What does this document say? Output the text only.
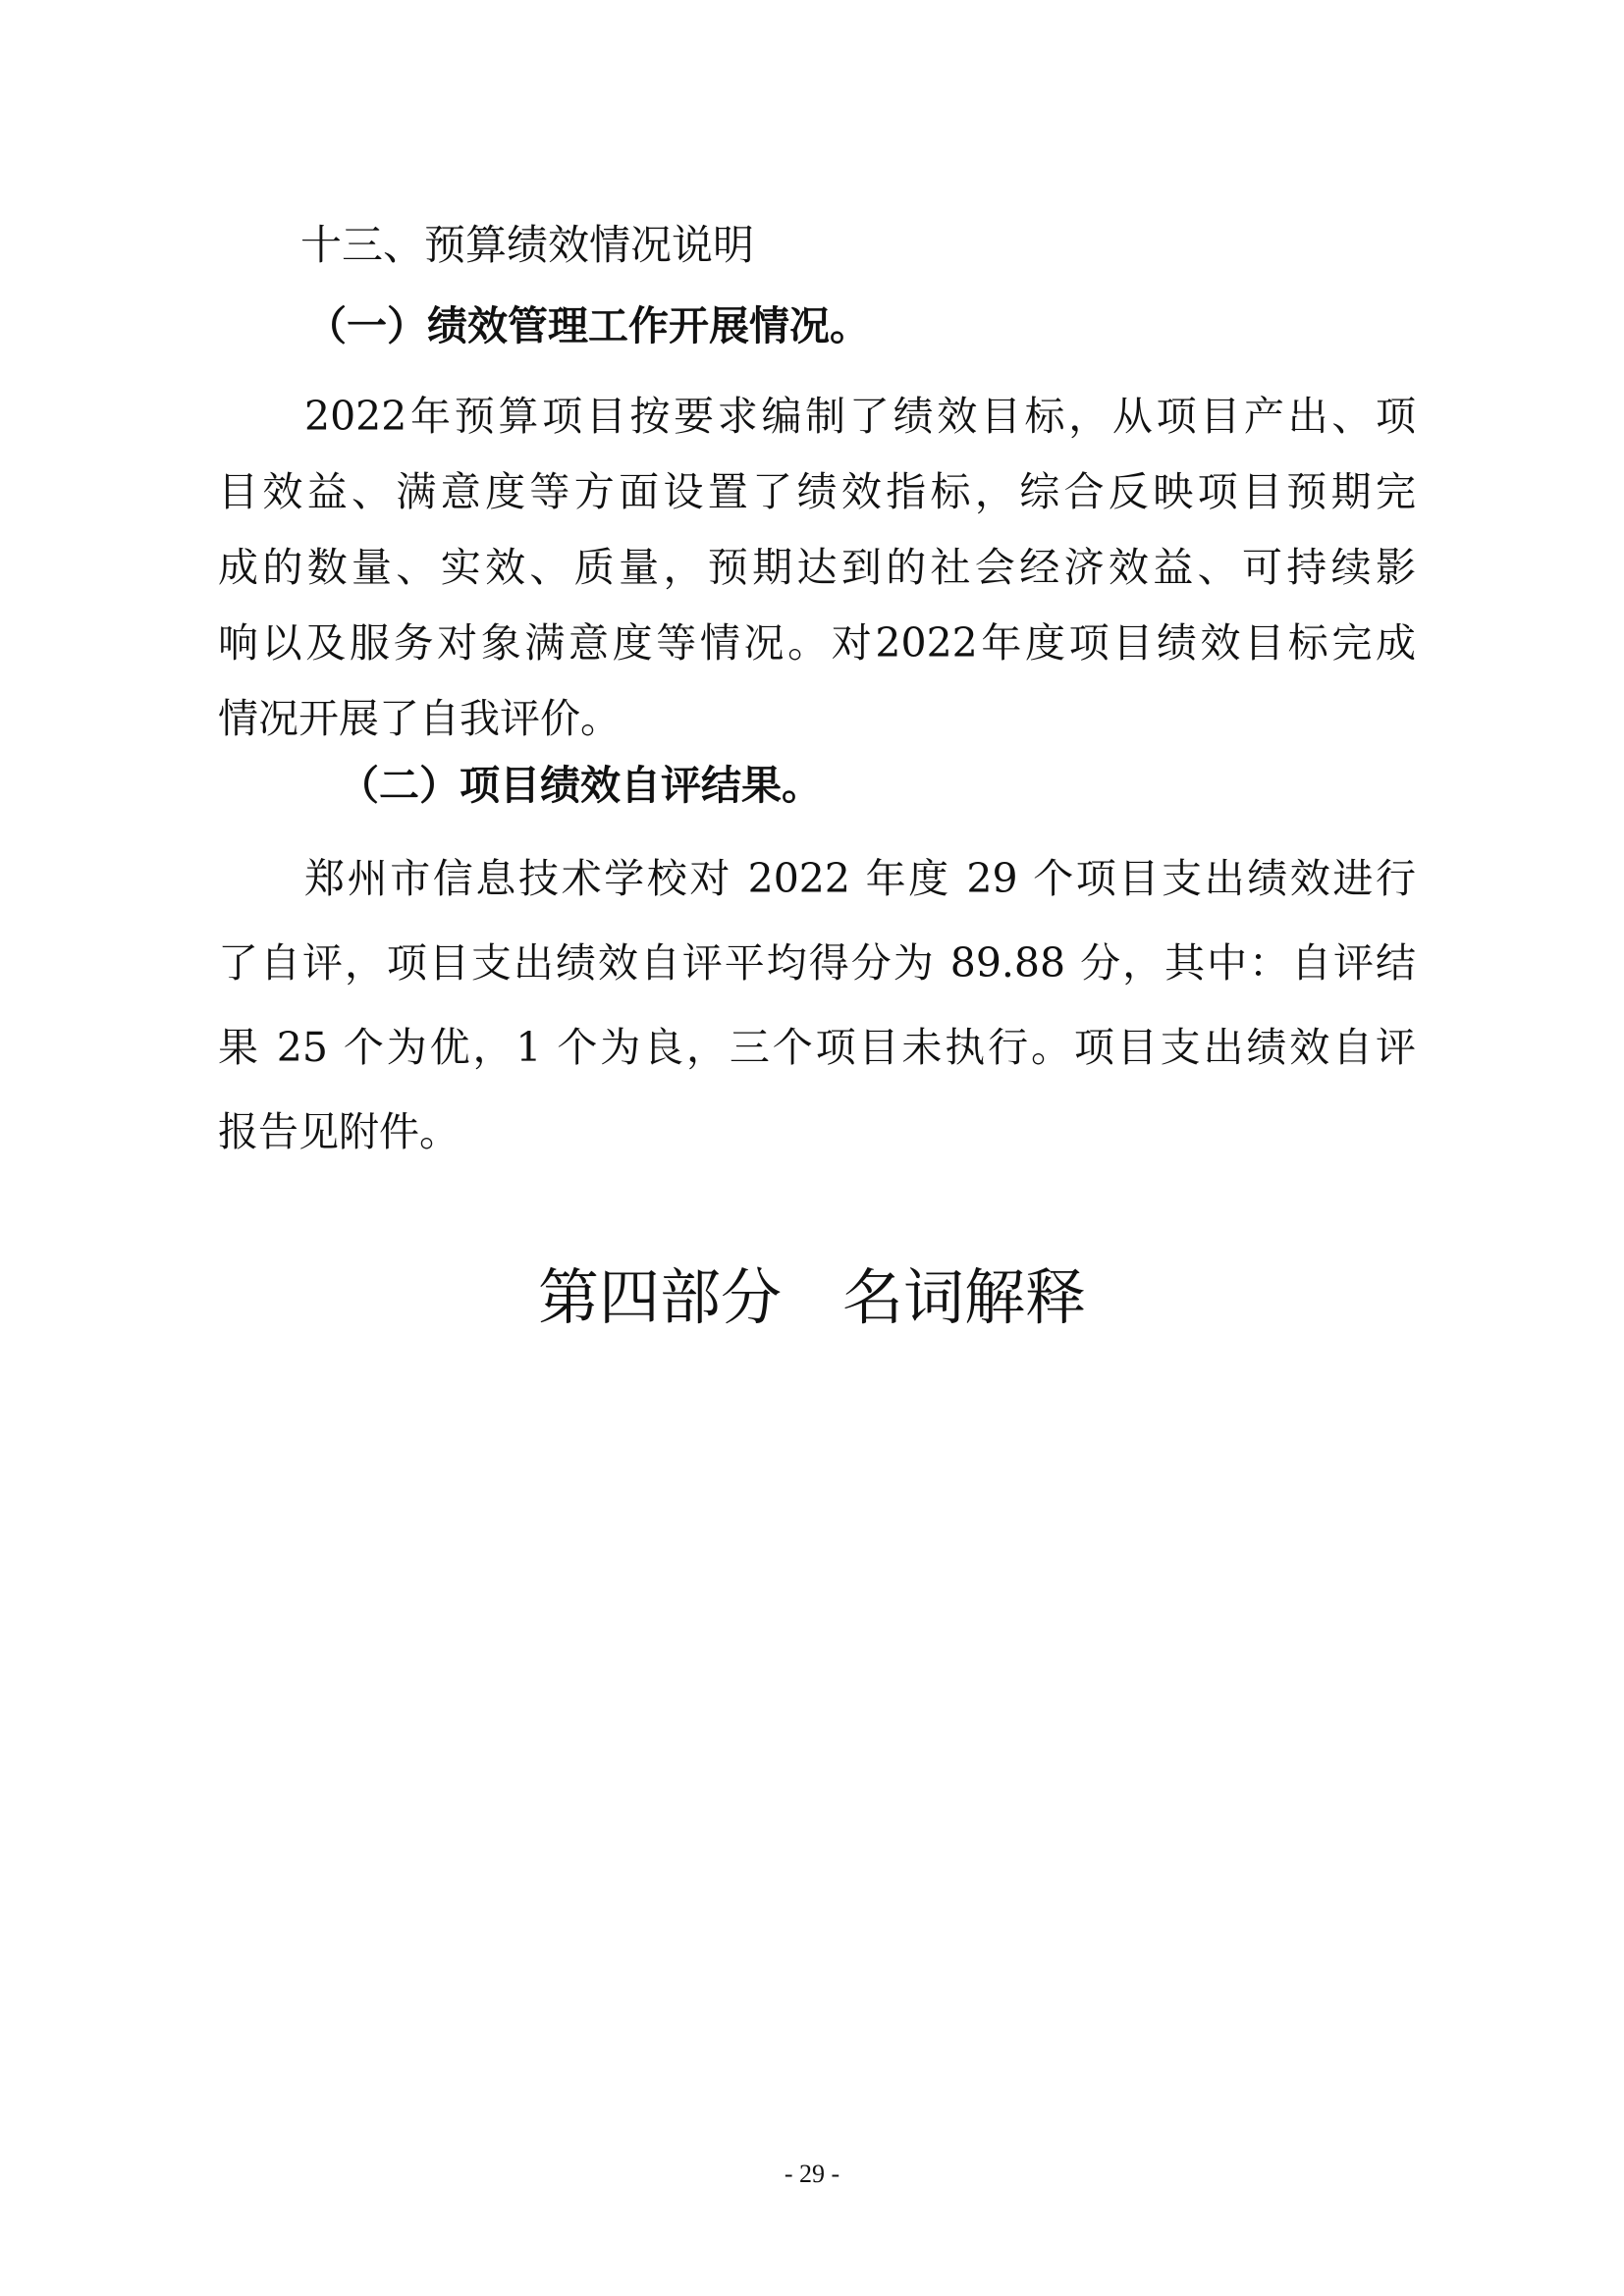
十三、预算绩效情况说明
（一）绩效管理工作开展情况。
2022年预算项目按要求编制了绩效目标，从项目产出、项
目效益、满意度等方面设置了绩效指标，综合反映项目预期完
成的数量、实效、质量，预期达到的社会经济效益、可持续影
响以及服务对象满意度等情况。对2022年度项目绩效目标完成
情况开展了自我评价。
（二）项目绩效自评结果。
郑州市信息技术学校对 2022 年度 29 个项目支出绩效进行
了自评，项目支出绩效自评平均得分为 89.88 分，其中：自评结
果 25 个为优，1 个为良，三个项目未执行。项目支出绩效自评
报告见附件。
第四部分　名词解释
- 29 -
